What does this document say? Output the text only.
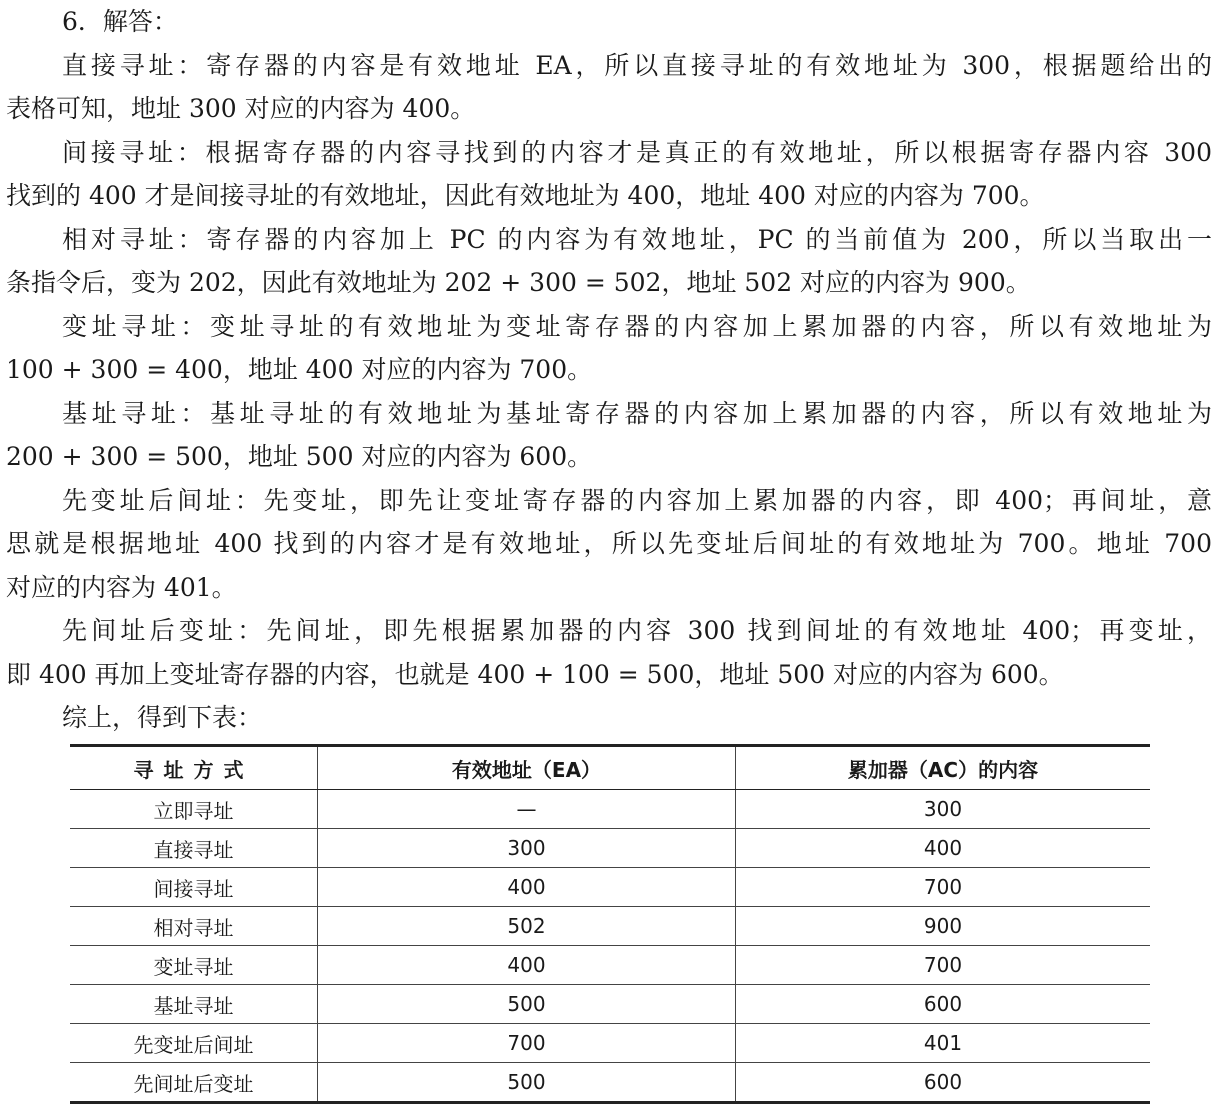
6．解答：
直接寻址：寄存器的内容是有效地址 EA，所以直接寻址的有效地址为 300，根据题给出的
表格可知，地址 300 对应的内容为 400。
间接寻址：根据寄存器的内容寻找到的内容才是真正的有效地址，所以根据寄存器内容 300
找到的 400 才是间接寻址的有效地址，因此有效地址为 400，地址 400 对应的内容为 700。
相对寻址：寄存器的内容加上 PC 的内容为有效地址，PC 的当前值为 200，所以当取出一
条指令后，变为 202，因此有效地址为 202 + 300 = 502，地址 502 对应的内容为 900。
变址寻址：变址寻址的有效地址为变址寄存器的内容加上累加器的内容，所以有效地址为
100 + 300 = 400，地址 400 对应的内容为 700。
基址寻址：基址寻址的有效地址为基址寄存器的内容加上累加器的内容，所以有效地址为
200 + 300 = 500，地址 500 对应的内容为 600。
先变址后间址：先变址，即先让变址寄存器的内容加上累加器的内容，即 400；再间址，意
思就是根据地址 400 找到的内容才是有效地址，所以先变址后间址的有效地址为 700。地址 700
对应的内容为 401。
先间址后变址：先间址，即先根据累加器的内容 300 找到间址的有效地址 400；再变址，
即 400 再加上变址寄存器的内容，也就是 400 + 100 = 500，地址 500 对应的内容为 600。
综上，得到下表：
寻址方式	有效地址（EA）	累加器（AC）的内容
立即寻址	—	300
直接寻址	300	400
间接寻址	400	700
相对寻址	502	900
变址寻址	400	700
基址寻址	500	600
先变址后间址	700	401
先间址后变址	500	600
